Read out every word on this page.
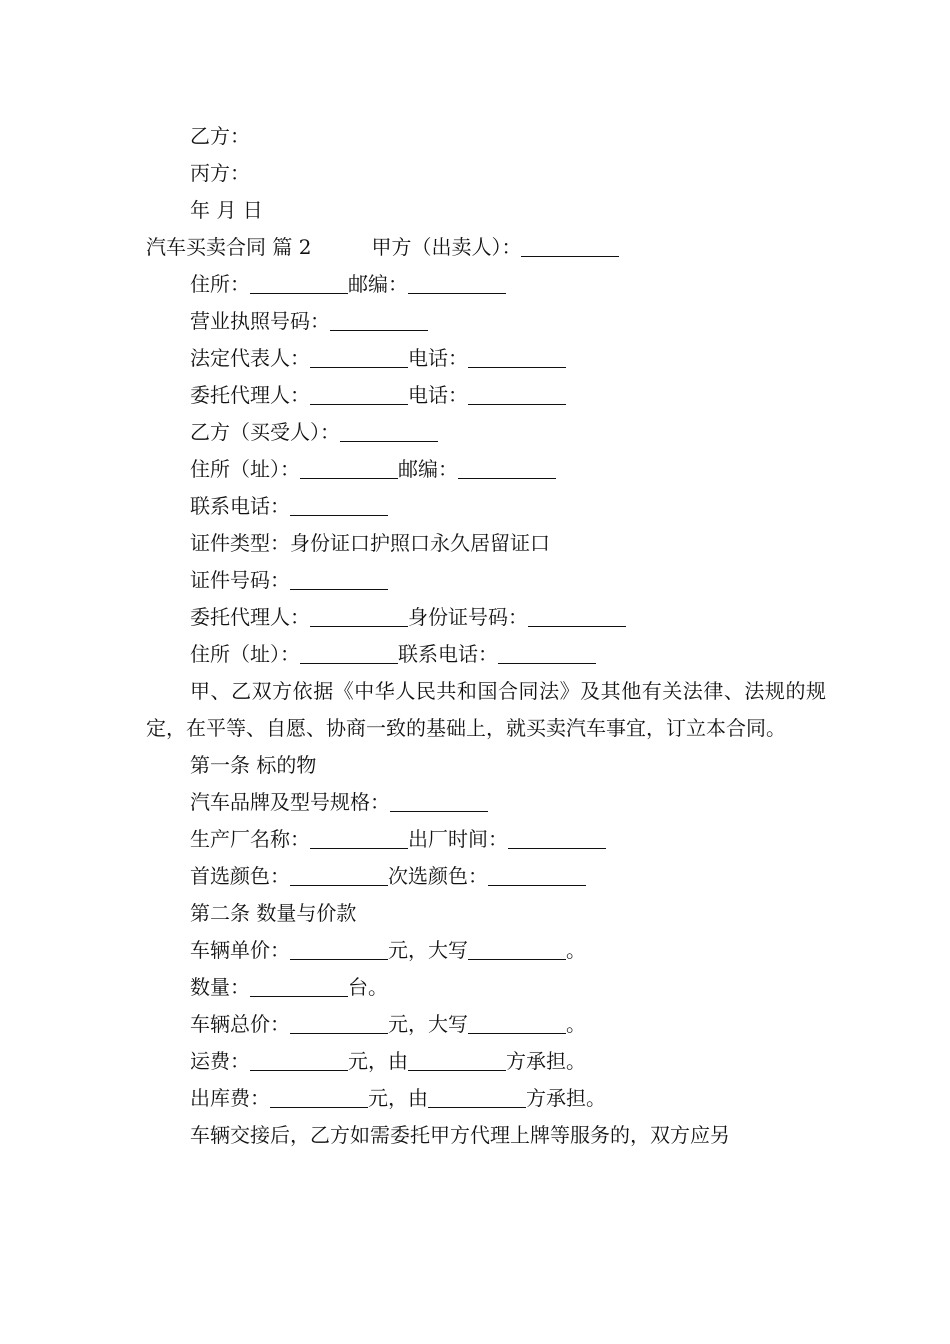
乙方：
丙方：
年 月 日
汽车买卖合同 篇 2	甲方（出卖人）：
住所：	邮编：
营业执照号码：
法定代表人：	电话：
委托代理人：	电话：
乙方（买受人）：
住所（址）：	邮编：
联系电话：
证件类型：身份证口护照口永久居留证口
证件号码：
委托代理人：	身份证号码：
住所（址）：	联系电话：
甲、乙双方依据《中华人民共和国合同法》及其他有关法律、法规的规定，在平等、自愿、协商一致的基础上，就买卖汽车事宜，订立本合同。
第一条 标的物
汽车品牌及型号规格：
生产厂名称：	出厂时间：
首选颜色：	次选颜色：
第二条 数量与价款
车辆单价：	元，大写	。
数量：	台。
车辆总价：	元，大写	。
运费：	元，由	方承担。
出库费：	元，由	方承担。
车辆交接后，乙方如需委托甲方代理上牌等服务的，双方应另
